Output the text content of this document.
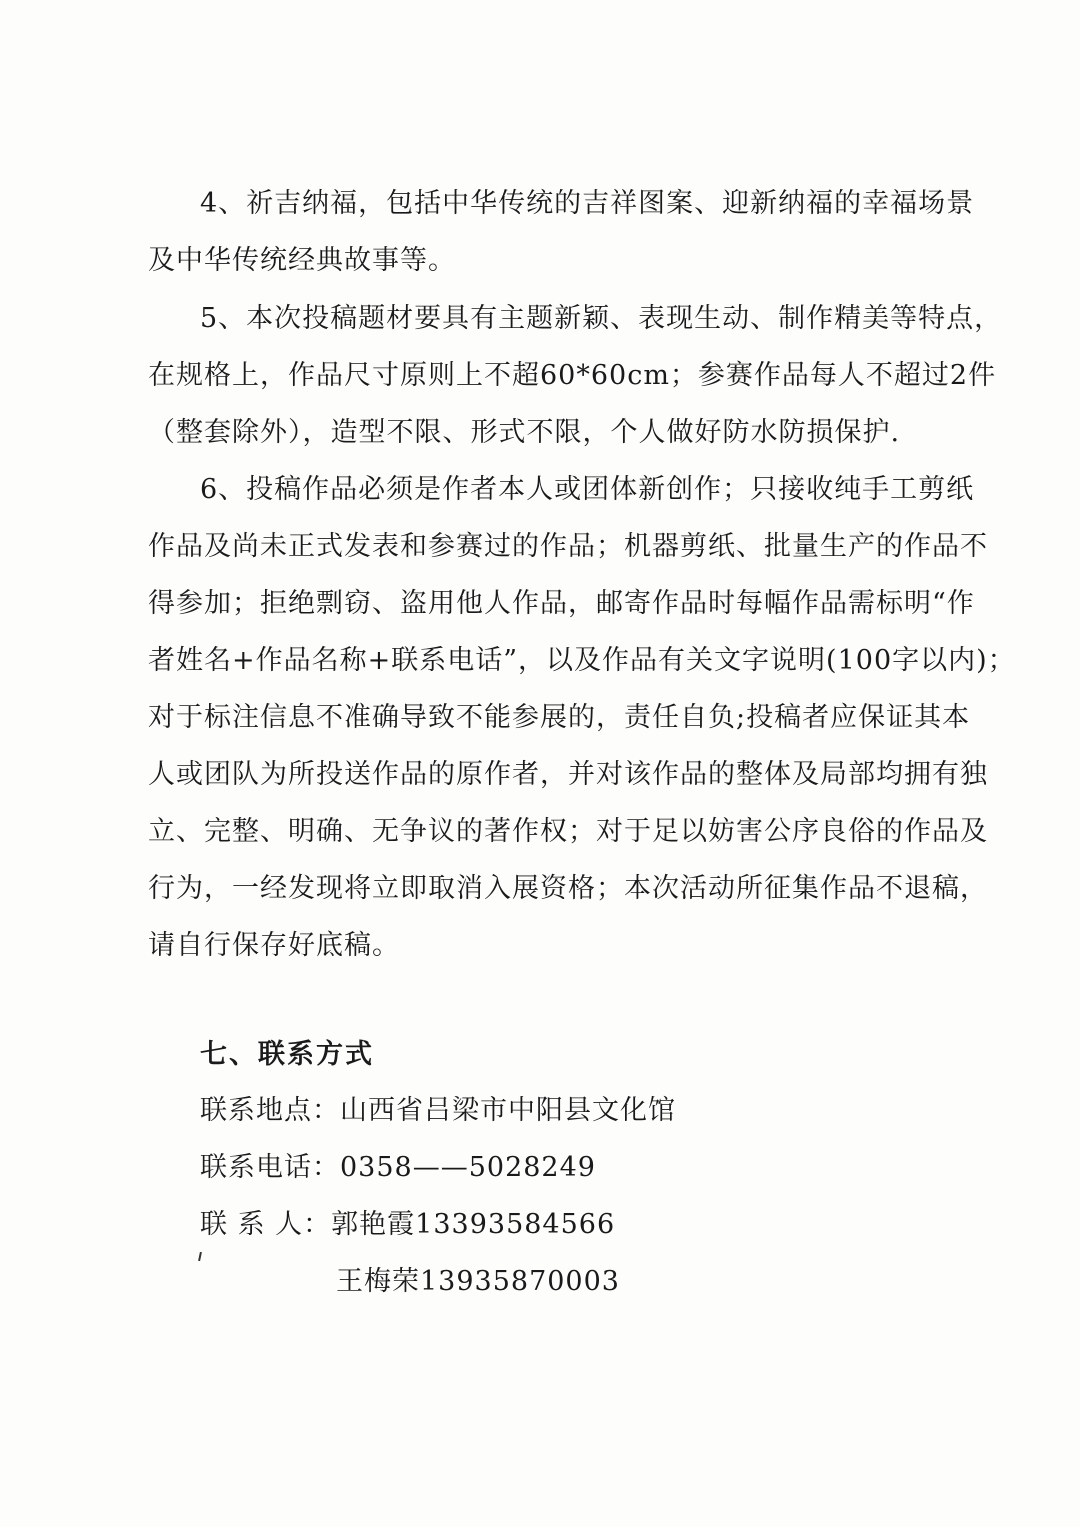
4、祈吉纳福，包括中华传统的吉祥图案、迎新纳福的幸福场景
及中华传统经典故事等。
5、本次投稿题材要具有主题新颖、表现生动、制作精美等特点，
在规格上，作品尺寸原则上不超60*60cm；参赛作品每人不超过2件
（整套除外），造型不限、形式不限，个人做好防水防损保护.
6、投稿作品必须是作者本人或团体新创作；只接收纯手工剪纸
作品及尚未正式发表和参赛过的作品；机器剪纸、批量生产的作品不
得参加；拒绝剽窃、盗用他人作品，邮寄作品时每幅作品需标明“作
者姓名+作品名称+联系电话”，以及作品有关文字说明(100字以内)；
对于标注信息不准确导致不能参展的，责任自负;投稿者应保证其本
人或团队为所投送作品的原作者，并对该作品的整体及局部均拥有独
立、完整、明确、无争议的著作权；对于足以妨害公序良俗的作品及
行为，一经发现将立即取消入展资格；本次活动所征集作品不退稿，
请自行保存好底稿。
七、联系方式
联系地点：山西省吕梁市中阳县文化馆
联系电话：0358——5028249
联 系 人：郭艳霞13393584566
王梅荣13935870003
